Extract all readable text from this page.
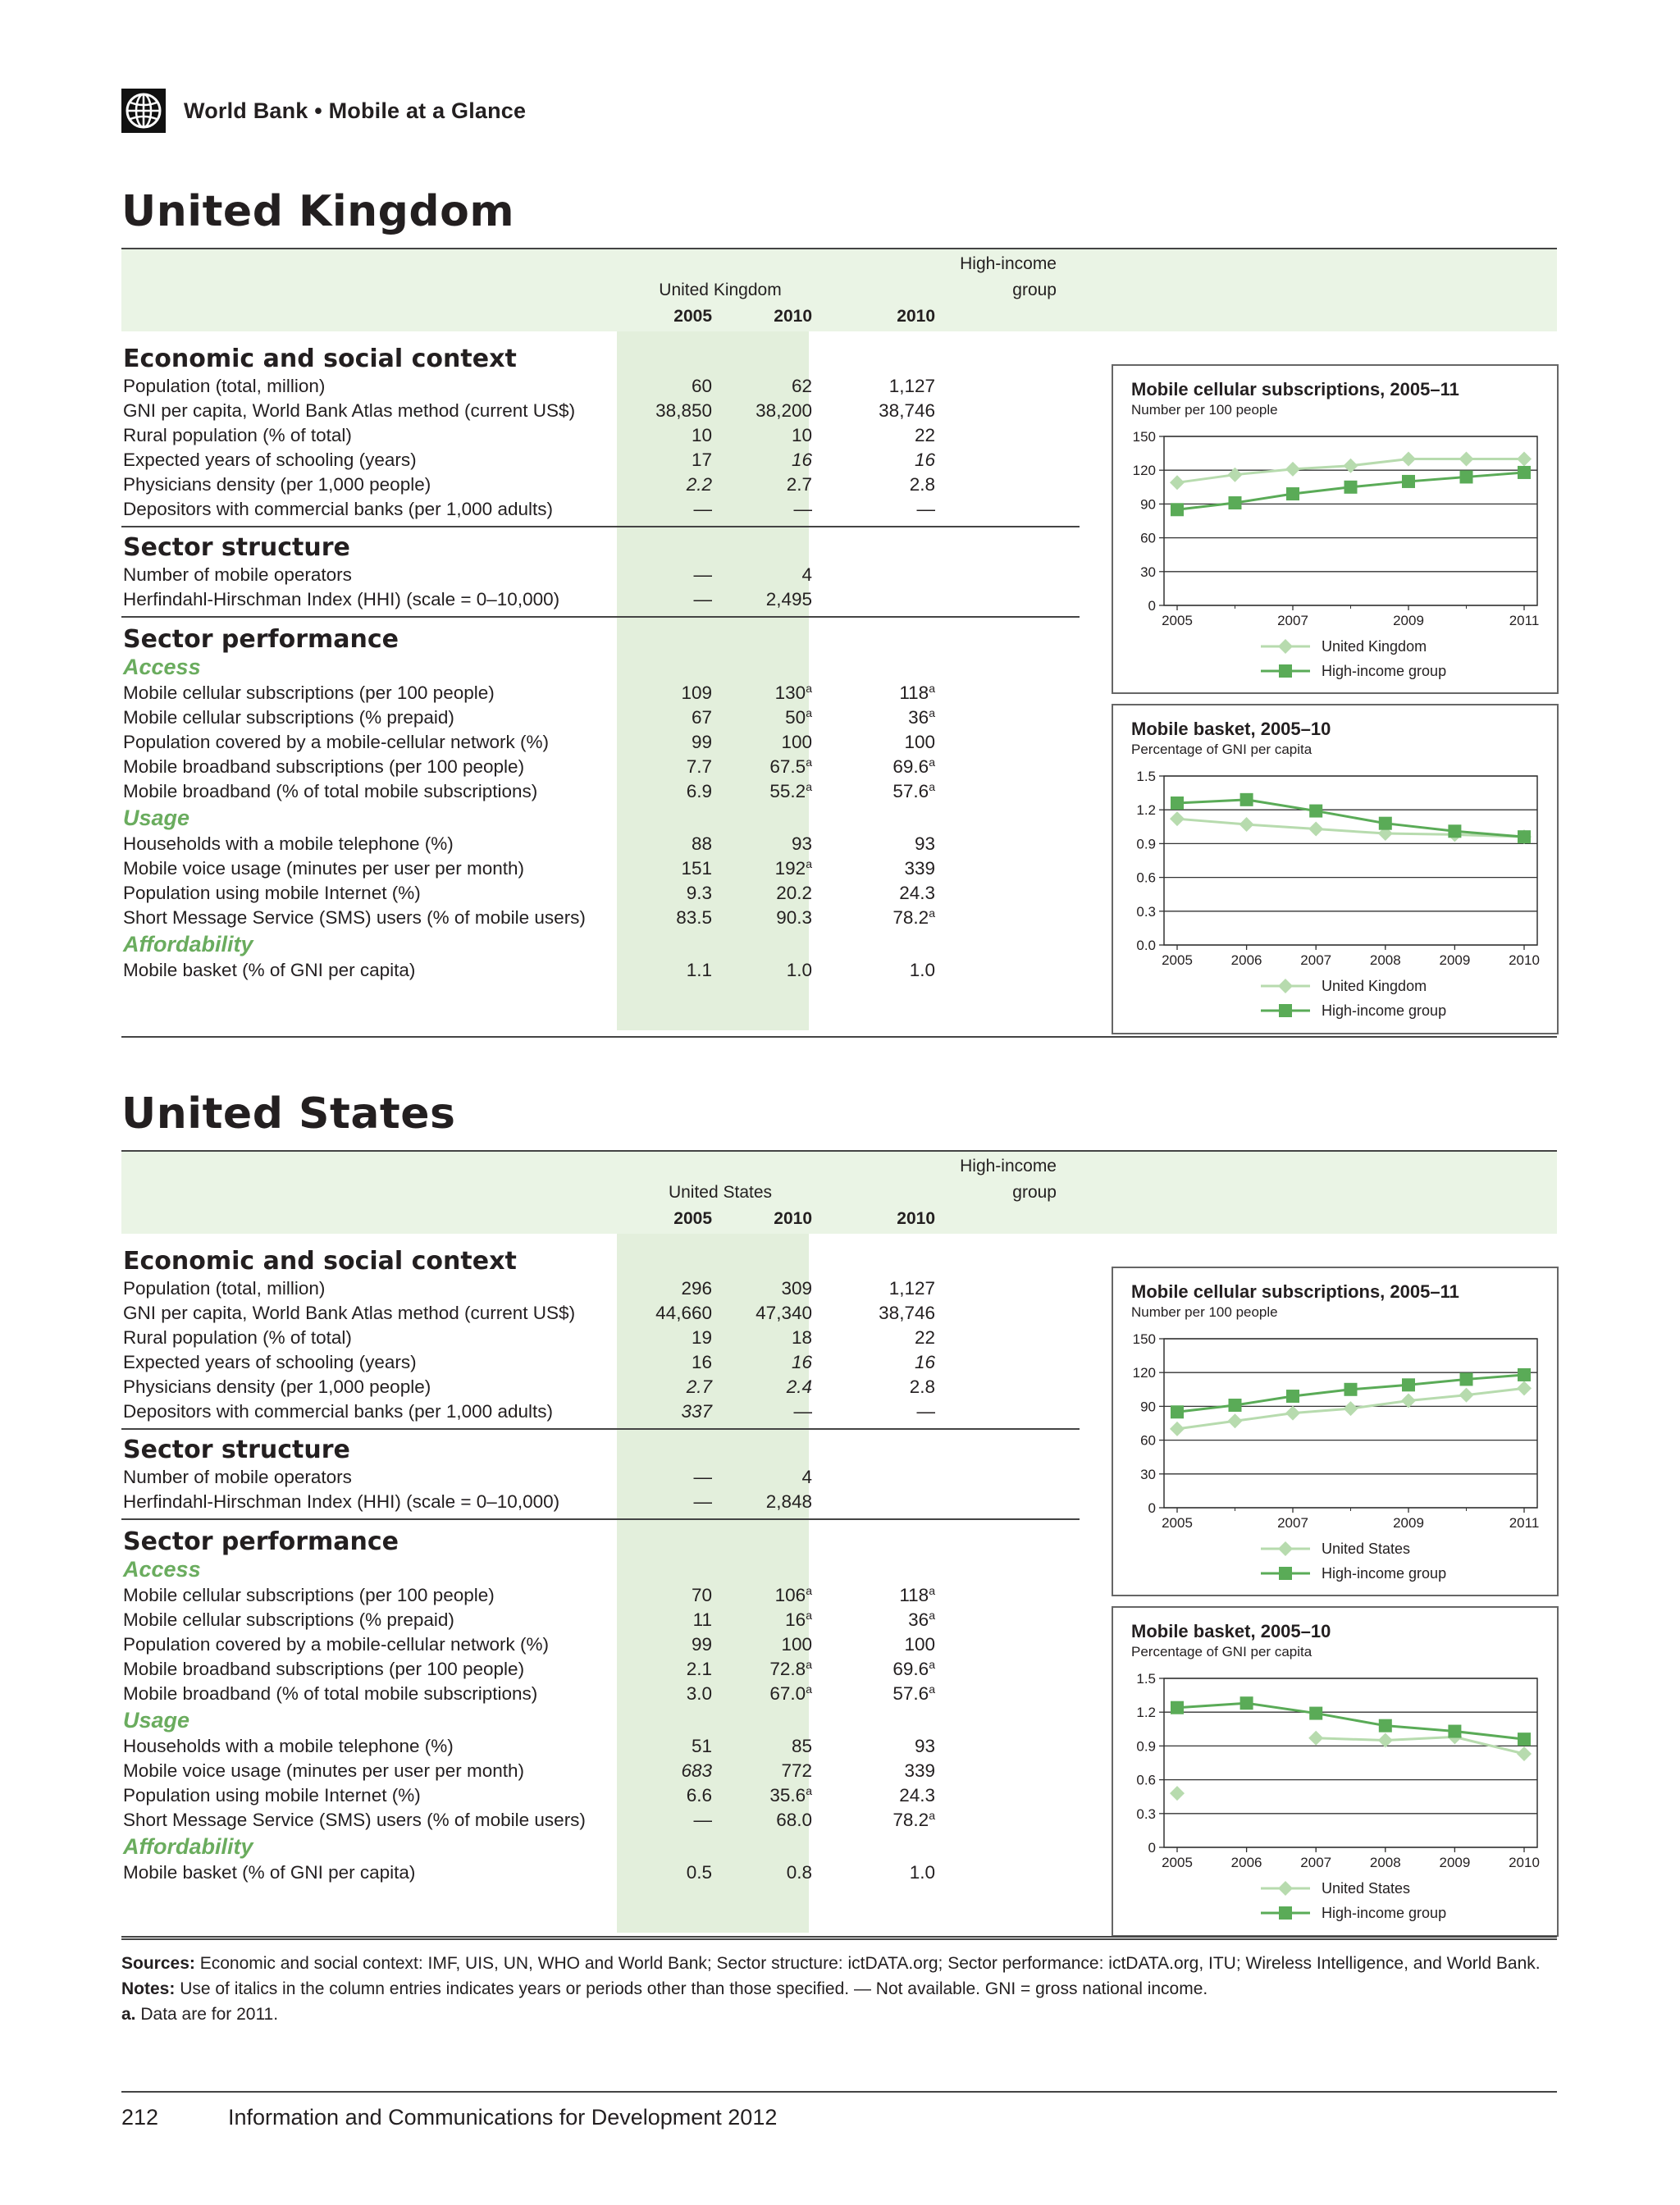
World Bank • Mobile at a Glance
United Kingdom
High-income
group
United Kingdom
2005	2010	2010
Economic and social context
Population (total, million)	60	62	1,127
GNI per capita, World Bank Atlas method (current US$)	38,850	38,200	38,746
Rural population (% of total)	10	10	22
Expected years of schooling (years)	17	16	16
Physicians density (per 1,000 people)	2.2	2.7	2.8
Depositors with commercial banks (per 1,000 adults)	—	—	—
Sector structure
Number of mobile operators	—	4
Herfindahl-Hirschman Index (HHI) (scale = 0–10,000)	—	2,495
Sector performance
Access
Mobile cellular subscriptions (per 100 people)	109	130$^a$	118$^a$
Mobile cellular subscriptions (% prepaid)	67	50$^a$	36$^a$
Population covered by a mobile-cellular network (%)	99	100	100
Mobile broadband subscriptions (per 100 people)	7.7	67.5$^a$	69.6$^a$
Mobile broadband (% of total mobile subscriptions)	6.9	55.2$^a$	57.6$^a$
Usage
Households with a mobile telephone (%)	88	93	93
Mobile voice usage (minutes per user per month)	151	192$^a$	339
Population using mobile Internet (%)	9.3	20.2	24.3
Short Message Service (SMS) users (% of mobile users)	83.5	90.3	78.2$^a$
Affordability
Mobile basket (% of GNI per capita)	1.1	1.0	1.0
Mobile cellular subscriptions, 2005–11
Number per 100 people
0
30
60
90
120
150
2005	2007	2009	2011
United Kingdom
High-income group
Mobile basket, 2005–10
Percentage of GNI per capita
0.0
0.3
0.6
0.9
1.2
1.5
2005	2006	2007	2008	2009	2010
United Kingdom
High-income group
United States
High-income
group
United States
2005	2010	2010
Economic and social context
Population (total, million)	296	309	1,127
GNI per capita, World Bank Atlas method (current US$)	44,660	47,340	38,746
Rural population (% of total)	19	18	22
Expected years of schooling (years)	16	16	16
Physicians density (per 1,000 people)	2.7	2.4	2.8
Depositors with commercial banks (per 1,000 adults)	337	—	—
Sector structure
Number of mobile operators	—	4
Herfindahl-Hirschman Index (HHI) (scale = 0–10,000)	—	2,848
Sector performance
Access
Mobile cellular subscriptions (per 100 people)	70	106$^a$	118$^a$
Mobile cellular subscriptions (% prepaid)	11	16$^a$	36$^a$
Population covered by a mobile-cellular network (%)	99	100	100
Mobile broadband subscriptions (per 100 people)	2.1	72.8$^a$	69.6$^a$
Mobile broadband (% of total mobile subscriptions)	3.0	67.0$^a$	57.6$^a$
Usage
Households with a mobile telephone (%)	51	85	93
Mobile voice usage (minutes per user per month)	683	772	339
Population using mobile Internet (%)	6.6	35.6$^a$	24.3
Short Message Service (SMS) users (% of mobile users)	—	68.0	78.2$^a$
Affordability
Mobile basket (% of GNI per capita)	0.5	0.8	1.0
Mobile cellular subscriptions, 2005–11
Number per 100 people
0
30
60
90
120
150
2005	2007	2009	2011
United States
High-income group
Mobile basket, 2005–10
Percentage of GNI per capita
0
0.3
0.6
0.9
1.2
1.5
2005	2006	2007	2008	2009	2010
United States
High-income group
Sources: Economic and social context: IMF, UIS, UN, WHO and World Bank; Sector structure: ictDATA.org; Sector performance: ictDATA.org, ITU; Wireless Intelligence, and World Bank.
Notes: Use of italics in the column entries indicates years or periods other than those specified. — Not available. GNI = gross national income.
a. Data are for 2011.
212	Information and Communications for Development 2012
